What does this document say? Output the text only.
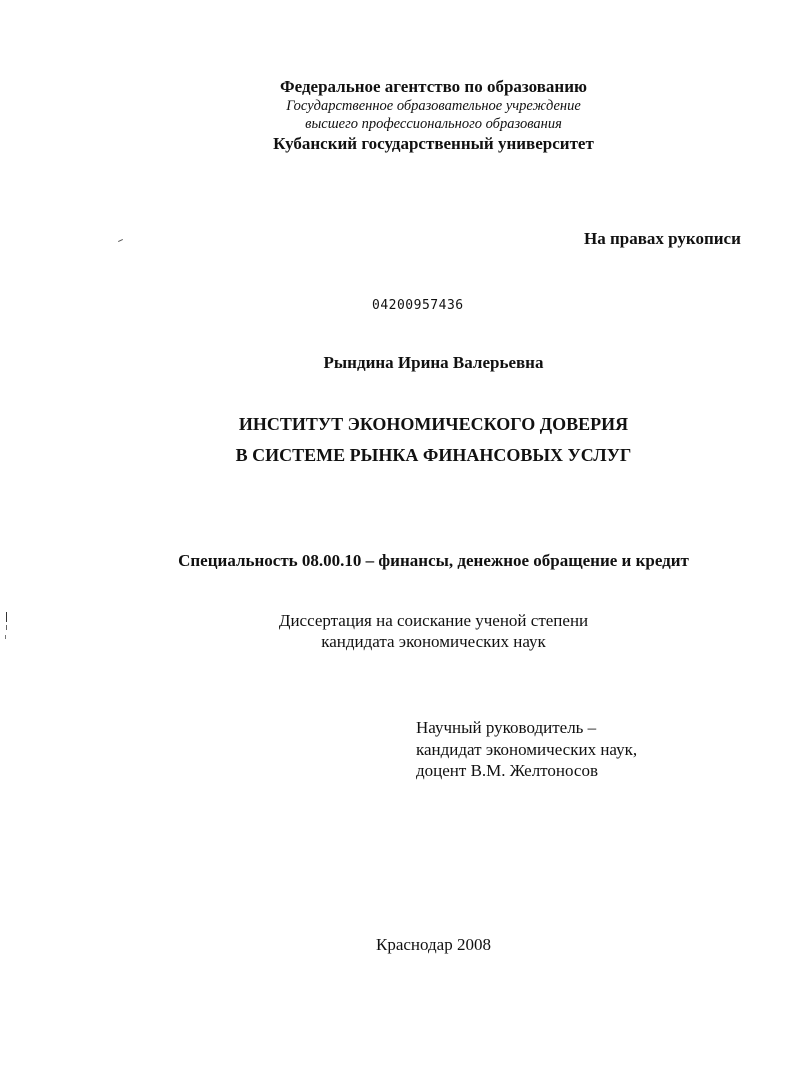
Федеральное агентство по образованию
Государственное образовательное учреждение
высшего профессионального образования
Кубанский государственный университет
На правах рукописи
04200957436
Рындина Ирина Валерьевна
ИНСТИТУТ ЭКОНОМИЧЕСКОГО ДОВЕРИЯ
В СИСТЕМЕ РЫНКА ФИНАНСОВЫХ УСЛУГ
Специальность 08.00.10 – финансы, денежное обращение и кредит
Диссертация на соискание ученой степени
кандидата экономических наук
Научный руководитель –
кандидат экономических наук,
доцент В.М. Желтоносов
Краснодар 2008
